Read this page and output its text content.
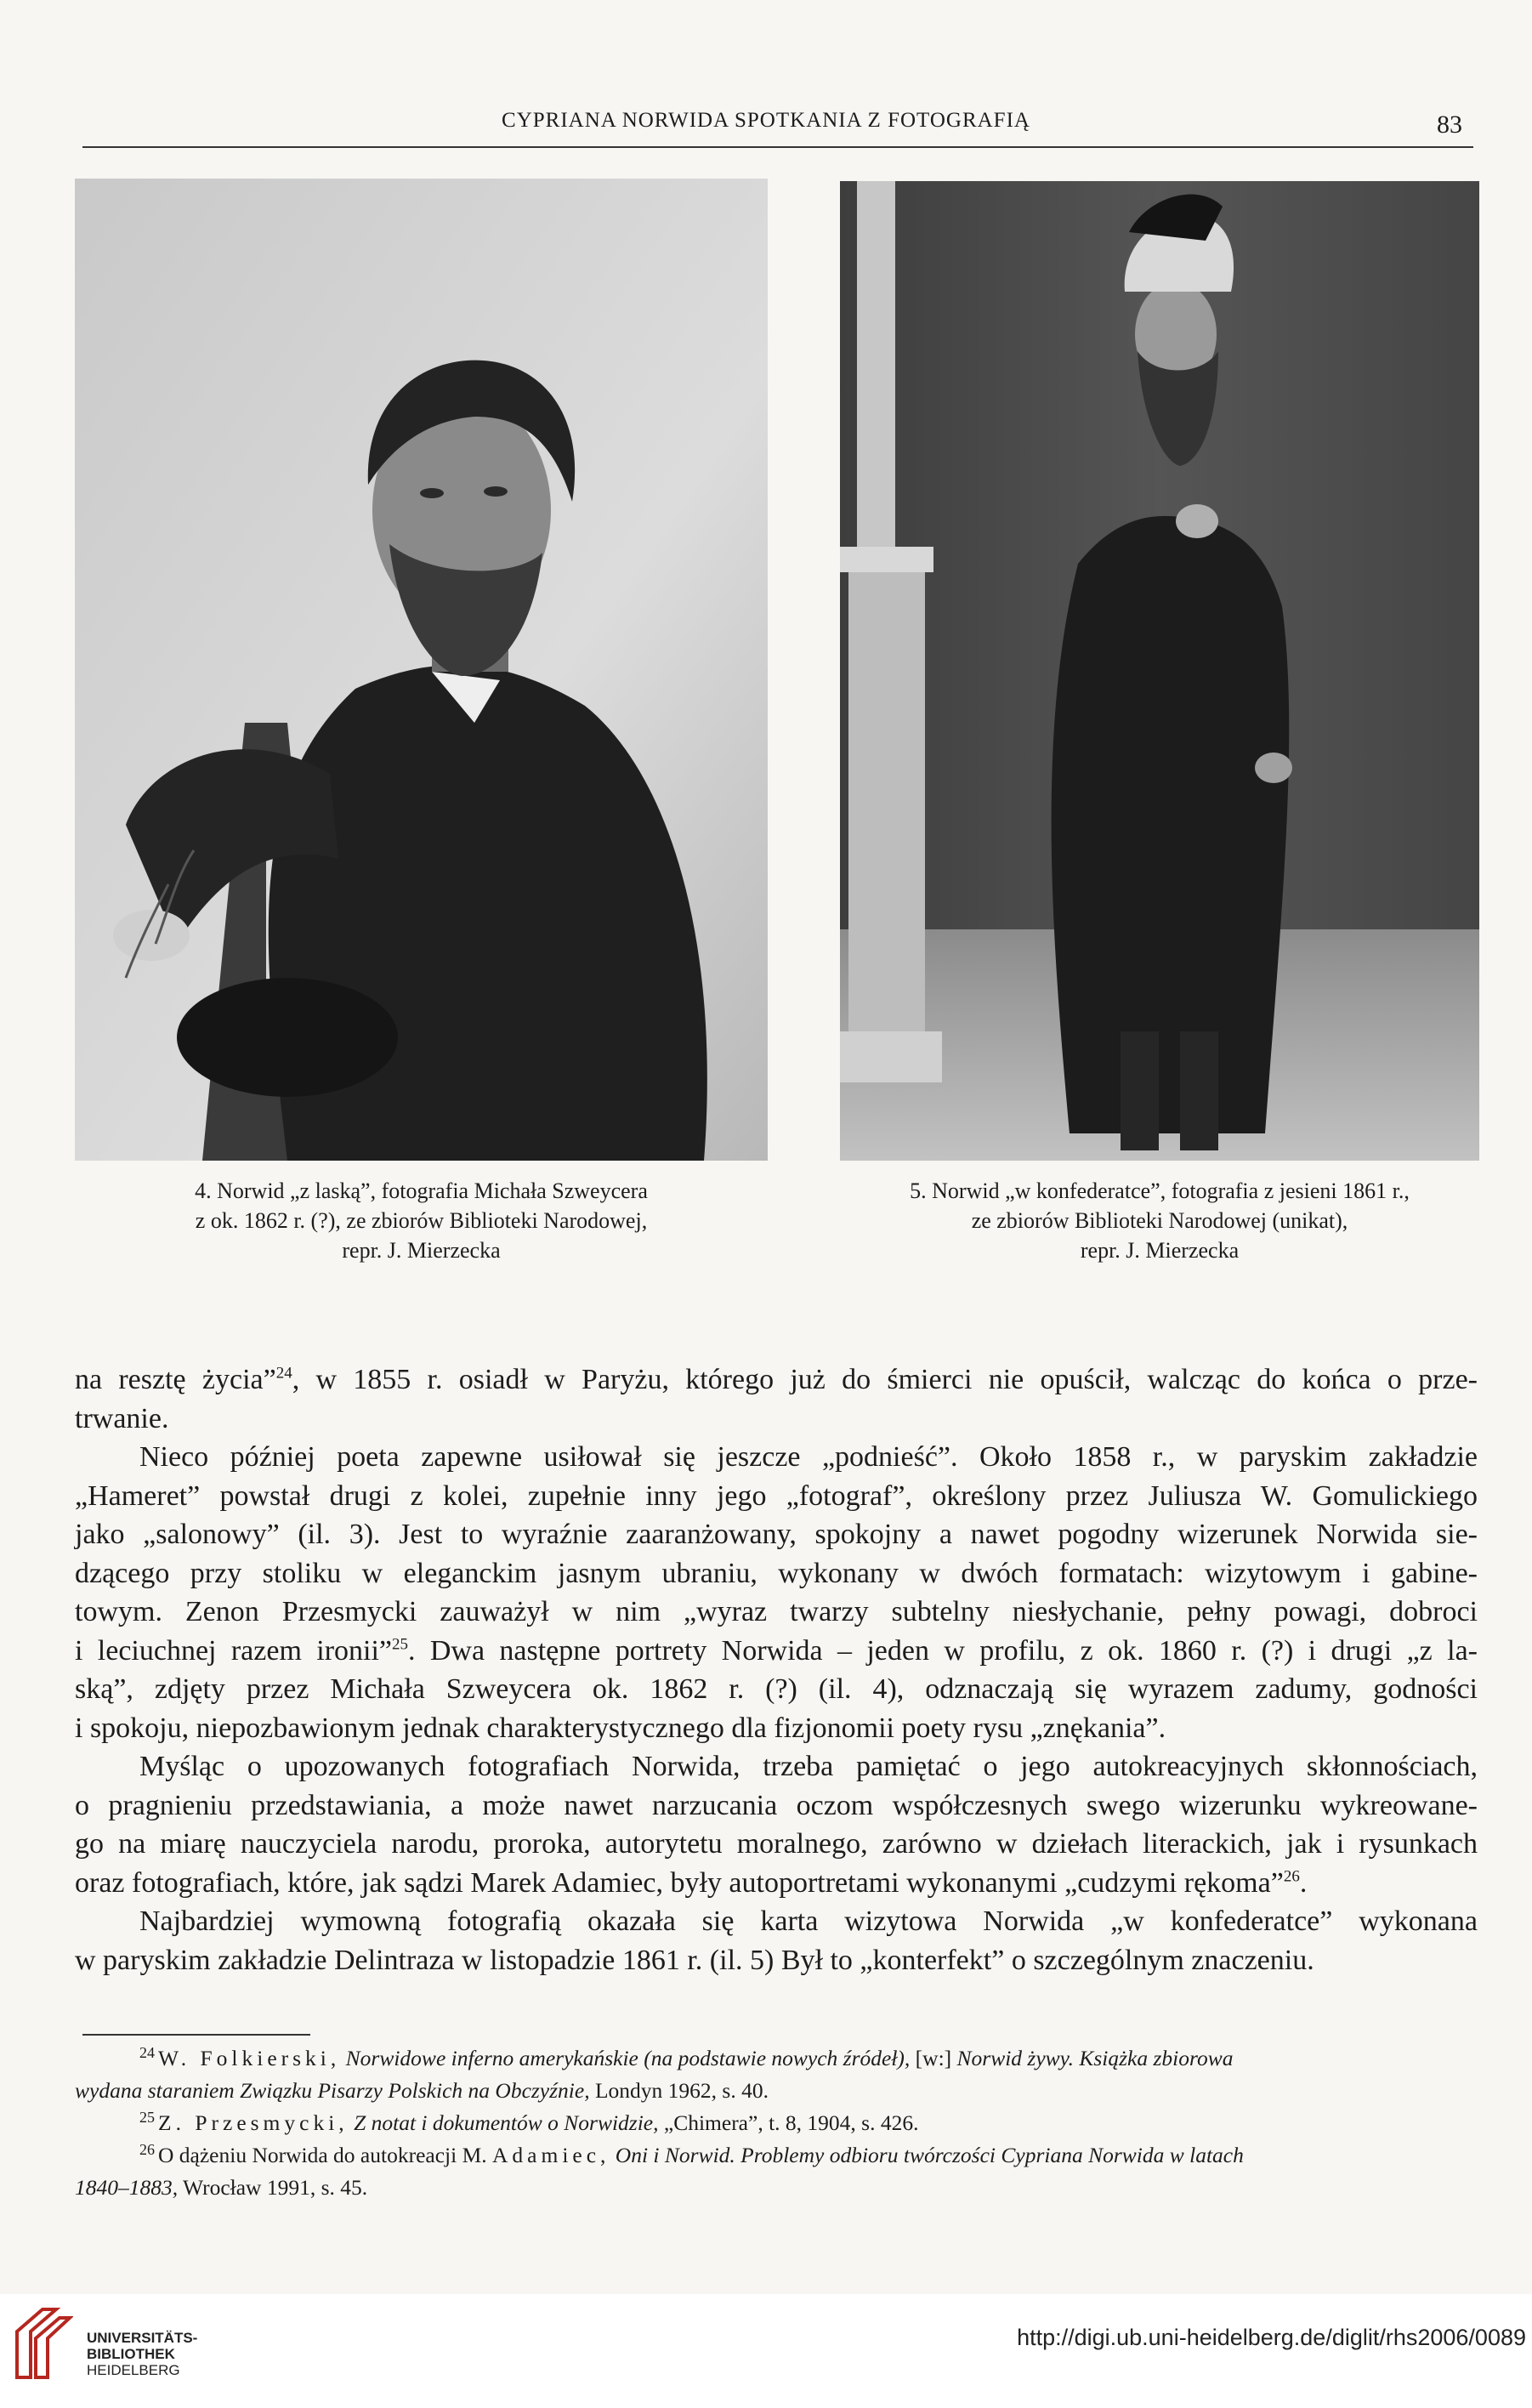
CYPRIANA NORWIDA SPOTKANIA Z FOTOGRAFIĄ	83
4. Norwid „z laską”, fotografia Michała Szweycera
z ok. 1862 r. (?), ze zbiorów Biblioteki Narodowej,
repr. J. Mierzecka
5. Norwid „w konfederatce”, fotografia z jesieni 1861 r.,
ze zbiorów Biblioteki Narodowej (unikat),
repr. J. Mierzecka
na resztę życia”$^{24}$, w 1855 r. osiadł w Paryżu, którego już do śmierci nie opuścił, walcząc do końca o prze-
trwanie.
Nieco później poeta zapewne usiłował się jeszcze „podnieść”. Około 1858 r., w paryskim zakładzie
„Hameret” powstał drugi z kolei, zupełnie inny jego „fotograf”, określony przez Juliusza W. Gomulickiego
jako „salonowy” (il. 3). Jest to wyraźnie zaaranżowany, spokojny a nawet pogodny wizerunek Norwida sie-
dzącego przy stoliku w eleganckim jasnym ubraniu, wykonany w dwóch formatach: wizytowym i gabine-
towym. Zenon Przesmycki zauważył w nim „wyraz twarzy subtelny niesłychanie, pełny powagi, dobroci
i leciuchnej razem ironii”$^{25}$. Dwa następne portrety Norwida – jeden w profilu, z ok. 1860 r. (?) i drugi „z la-
ską”, zdjęty przez Michała Szweycera ok. 1862 r. (?) (il. 4), odznaczają się wyrazem zadumy, godności
i spokoju, niepozbawionym jednak charakterystycznego dla fizjonomii poety rysu „znękania”.
Myśląc o upozowanych fotografiach Norwida, trzeba pamiętać o jego autokreacyjnych skłonnościach,
o pragnieniu przedstawiania, a może nawet narzucania oczom współczesnych swego wizerunku wykreowane-
go na miarę nauczyciela narodu, proroka, autorytetu moralnego, zarówno w dziełach literackich, jak i rysunkach
oraz fotografiach, które, jak sądzi Marek Adamiec, były autoportretami wykonanymi „cudzymi rękoma”$^{26}$.
Najbardziej wymowną fotografią okazała się karta wizytowa Norwida „w konfederatce” wykonana
w paryskim zakładzie Delintraza w listopadzie 1861 r. (il. 5) Był to „konterfekt” o szczególnym znaczeniu.
$^{24}$ W. Folkierski, Norwidowe inferno amerykańskie (na podstawie nowych źródeł), [w:] Norwid żywy. Książka zbiorowa
wydana staraniem Związku Pisarzy Polskich na Obczyźnie, Londyn 1962, s. 40.
$^{25}$ Z. Przesmycki, Z notat i dokumentów o Norwidzie, „Chimera”, t. 8, 1904, s. 426.
$^{26}$ O dążeniu Norwida do autokreacji M. Adamiec, Oni i Norwid. Problemy odbioru twórczości Cypriana Norwida w latach
1840–1883, Wrocław 1991, s. 45.
UNIVERSITÄTS-
BIBLIOTHEK
HEIDELBERG
http://digi.ub.uni-heidelberg.de/diglit/rhs2006/0089
